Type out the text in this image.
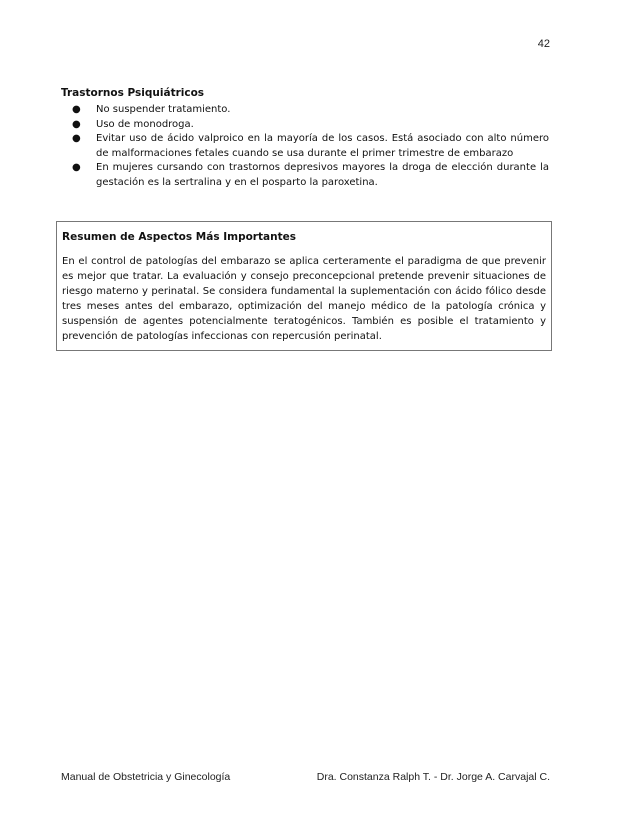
42
Trastornos Psiquiátricos
● No suspender tratamiento.
● Uso de monodroga.
● Evitar uso de ácido valproico en la mayoría de los casos. Está asociado con alto número de malformaciones fetales cuando se usa durante el primer trimestre de embarazo
● En mujeres cursando con trastornos depresivos mayores la droga de elección durante la gestación es la sertralina y en el posparto la paroxetina.
Resumen de Aspectos Más Importantes

En el control de patologías del embarazo se aplica certeramente el paradigma de que prevenir es mejor que tratar. La evaluación y consejo preconcepcional pretende prevenir situaciones de riesgo materno y perinatal. Se considera fundamental la suplementación con ácido fólico desde tres meses antes del embarazo, optimización del manejo médico de la patología crónica y suspensión de agentes potencialmente teratogénicos. También es posible el tratamiento y prevención de patologías infeccionas con repercusión perinatal.

Manual de Obstetricia y Ginecología	Dra. Constanza Ralph T. - Dr. Jorge A. Carvajal C.
